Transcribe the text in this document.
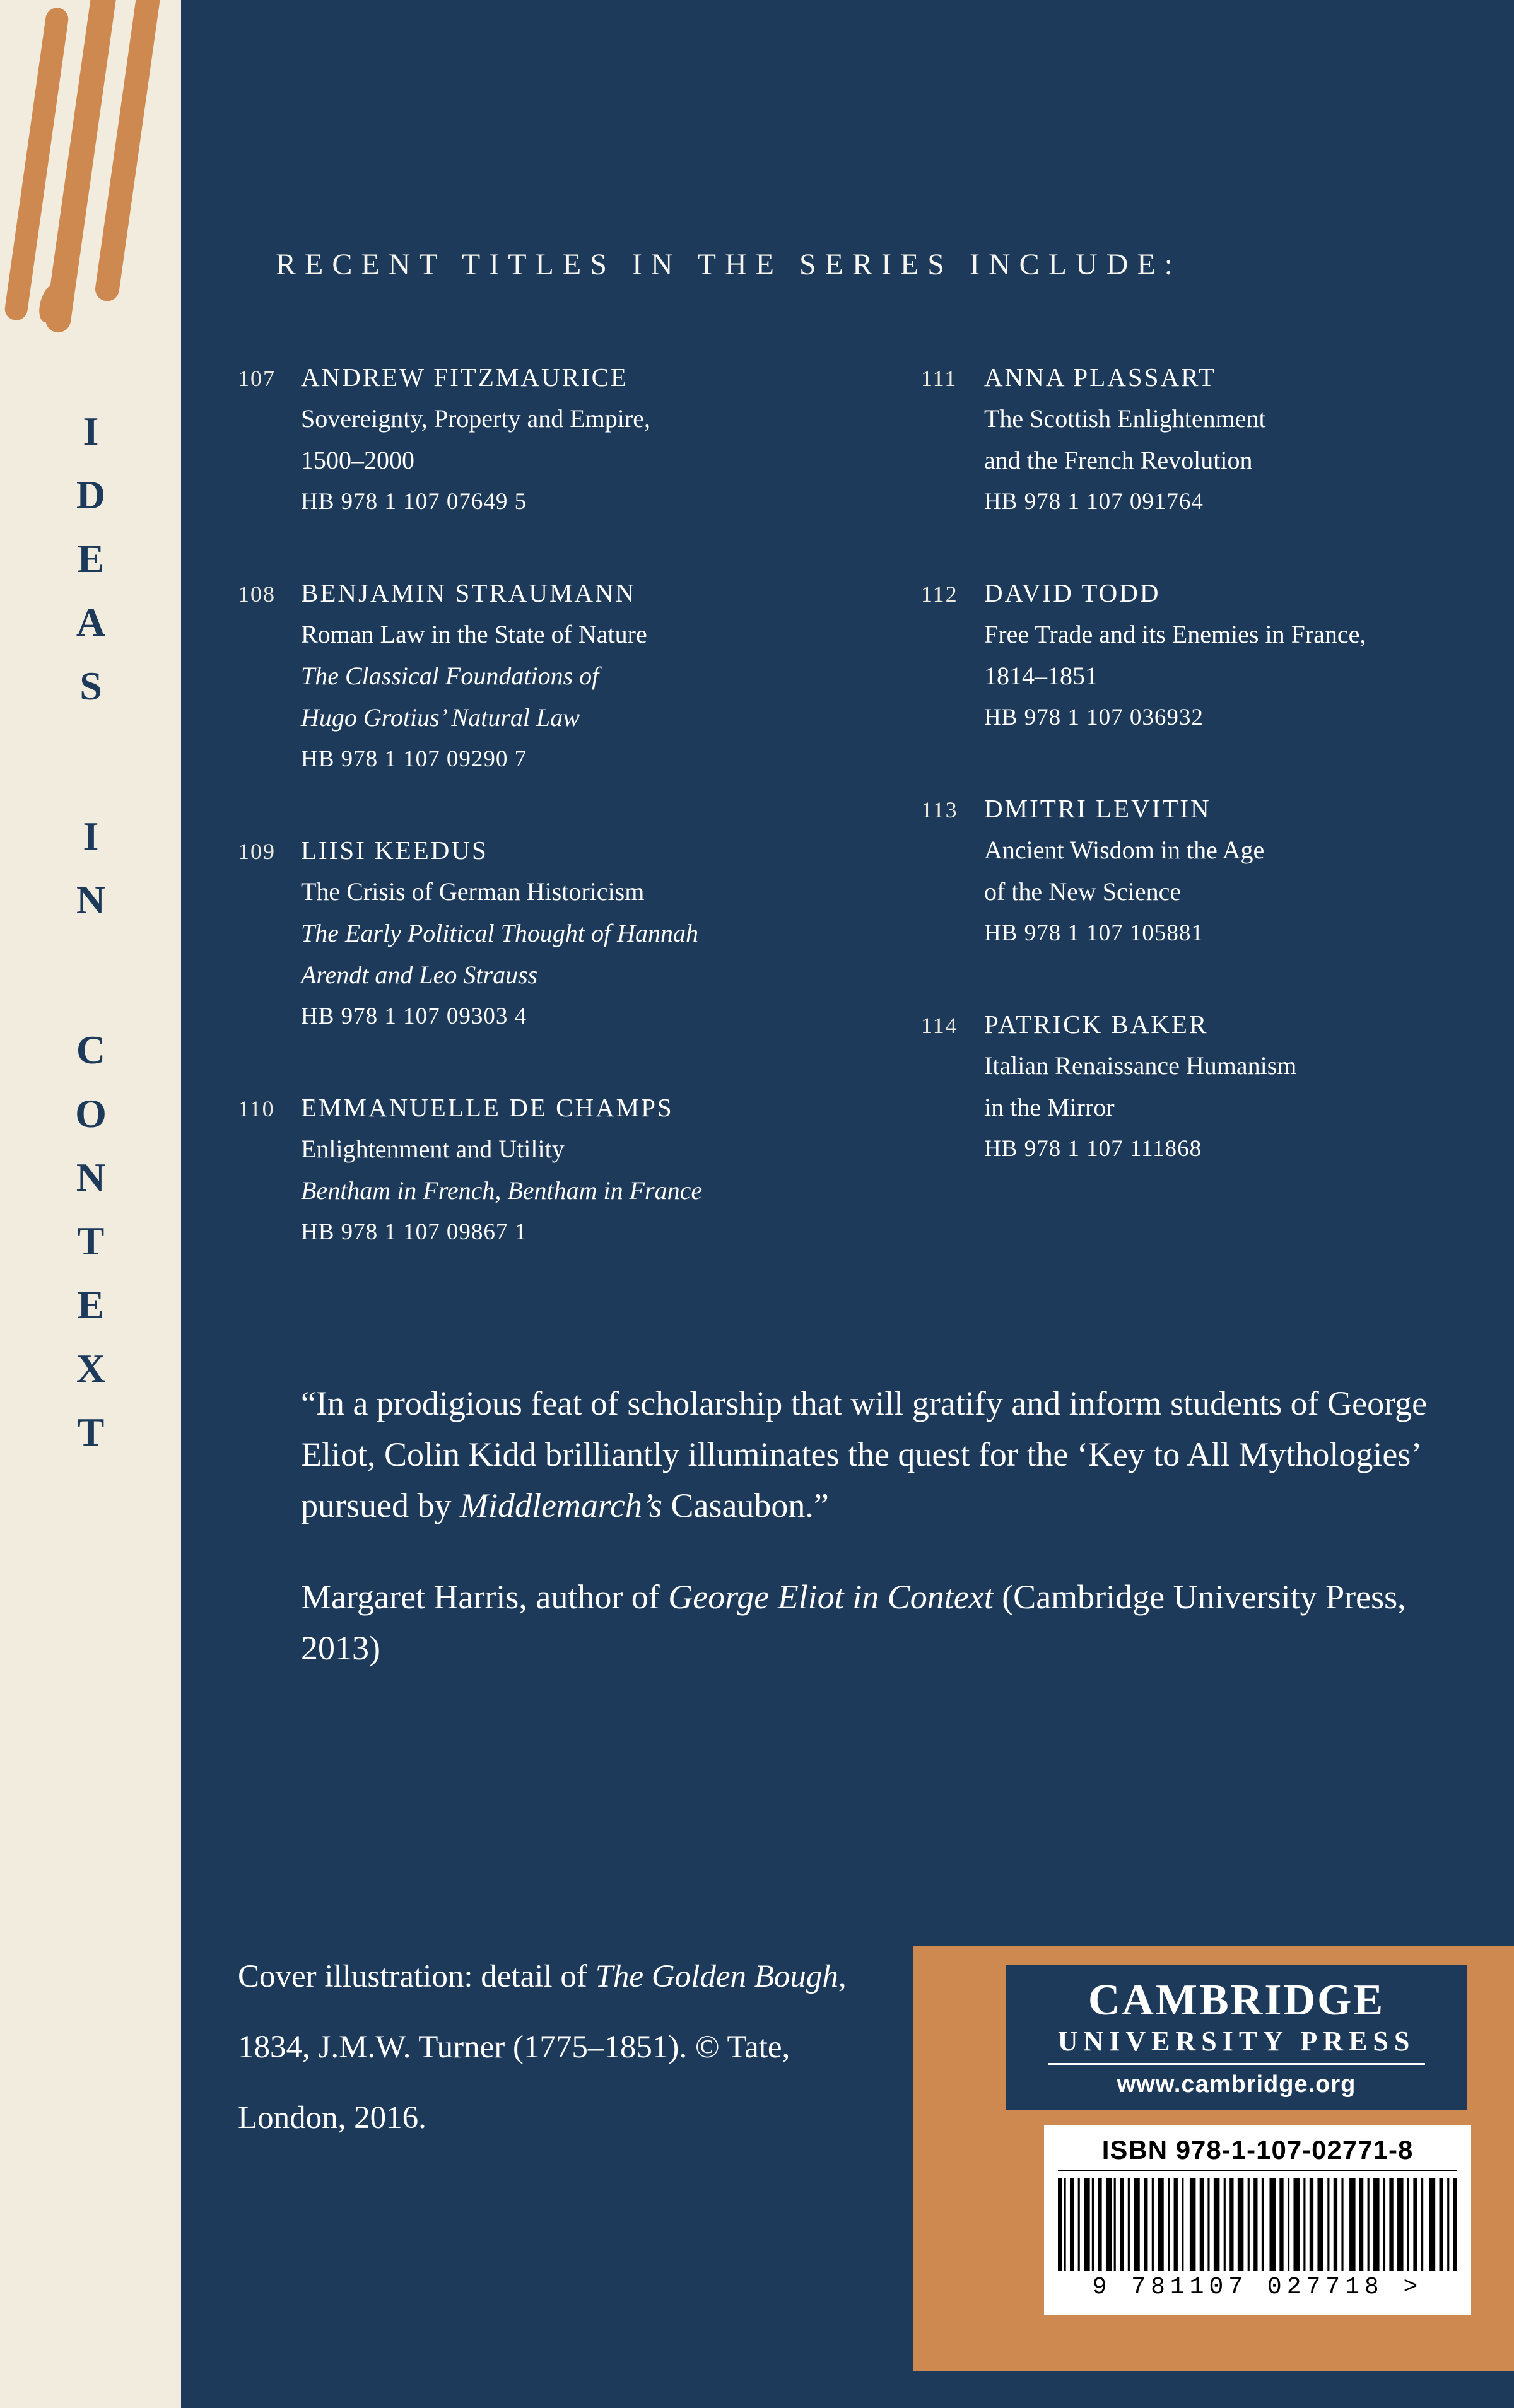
IDEAS IN CONTEXT
RECENT TITLES IN THE SERIES INCLUDE:
107 ANDREW FITZMAURICE
Sovereignty, Property and Empire,
1500–2000
HB 978 1 107 07649 5
108 BENJAMIN STRAUMANN
Roman Law in the State of Nature
The Classical Foundations of
Hugo Grotius’ Natural Law
HB 978 1 107 09290 7
109 LIISI KEEDUS
The Crisis of German Historicism
The Early Political Thought of Hannah
Arendt and Leo Strauss
HB 978 1 107 09303 4
110	EMMANUELLE DE CHAMPS
Enlightenment and Utility
Bentham in French, Bentham in France
HB 978 1 107 09867 1
111	ANNA PLASSART
The Scottish Enlightenment
and the French Revolution
HB 978 1 107 091764
112	DAVID TODD
Free Trade and its Enemies in France,
1814–1851
HB 978 1 107 036932
113	DMITRI LEVITIN
Ancient Wisdom in the Age
of the New Science
HB 978 1 107 105881
114	PATRICK BAKER
Italian Renaissance Humanism
in the Mirror
HB 978 1 107 111868

“In a prodigious feat of scholarship that will gratify and inform students of George Eliot, Colin Kidd brilliantly illuminates the quest for the ‘Key to All Mythologies’ pursued by Middlemarch’s Casaubon.”

Margaret Harris, author of George Eliot in Context (Cambridge University Press, 2013)

Cover illustration: detail of The Golden Bough,
1834, J.M.W. Turner (1775–1851). © Tate,
London, 2016.
CAMBRIDGE
UNIVERSITY PRESS
www.cambridge.org
ISBN 978-1-107-02771-8
9 781107 027718 >
